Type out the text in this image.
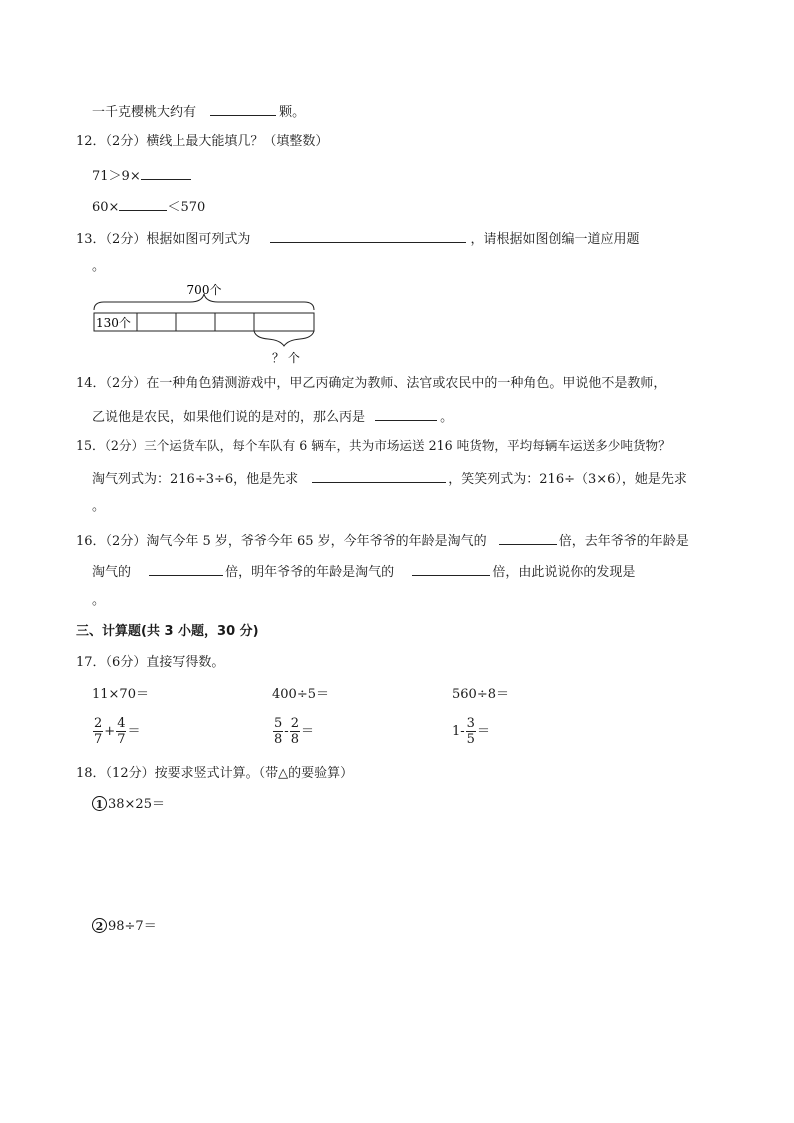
一千克樱桃大约有	颗。
12．（2分）横线上最大能填几？（填整数）
71＞9×
60×	＜570
13．（2分）根据如图可列式为	，请根据如图创编一道应用题
。
700个
130个
？ 个
14．（2分）在一种角色猜测游戏中，甲乙丙确定为教师、法官或农民中的一种角色。甲说他不是教师，
乙说他是农民，如果他们说的是对的，那么丙是	。
15．（2分）三个运货车队，每个车队有 6 辆车，共为市场运送 216 吨货物，平均每辆车运送多少吨货物？
淘气列式为：216÷3÷6，他是先求	，笑笑列式为：216÷（3×6），她是先求
。
16．（2分）淘气今年 5 岁，爷爷今年 65 岁，今年爷爷的年龄是淘气的	倍，去年爷爷的年龄是
淘气的	倍，明年爷爷的年龄是淘气的	倍，由此说说你的发现是
。
三、计算题(共 3 小题，30 分)
17．（6分）直接写得数。
11×70＝	400÷5＝	560÷8＝
$\frac{2}{7} + \frac{4}{7}$ ＝	$\frac{5}{8} - \frac{2}{8}$ ＝	$1- \frac{3}{5}$ ＝
18．（12分）按要求竖式计算。（带△的要验算）
1 38×25＝
2 98÷7＝
